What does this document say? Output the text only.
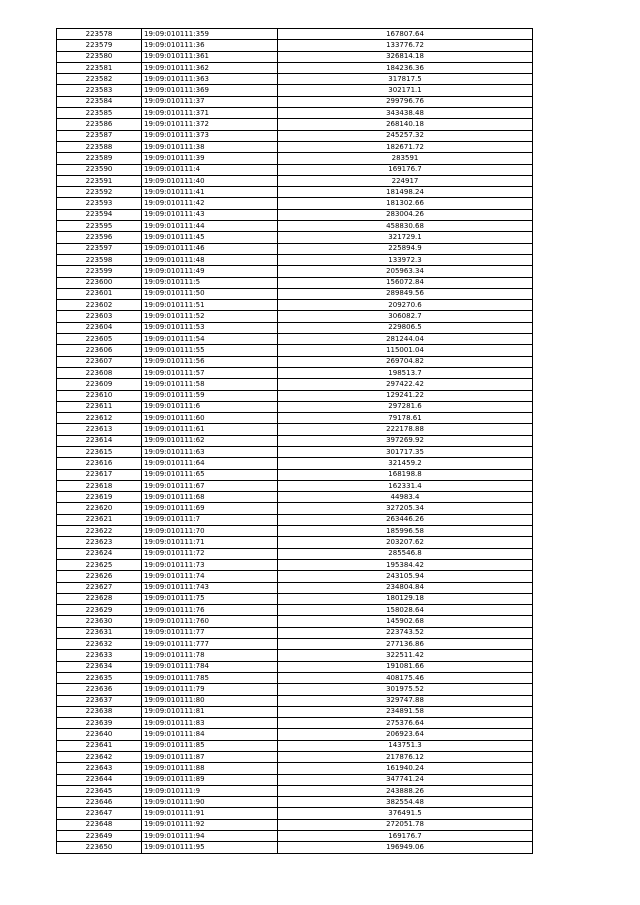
223578	19:09:010111:359	167807.64
223579	19:09:010111:36	133776.72
223580	19:09:010111:361	326814.18
223581	19:09:010111:362	184236.36
223582	19:09:010111:363	317817.5
223583	19:09:010111:369	302171.1
223584	19:09:010111:37	299796.76
223585	19:09:010111:371	343438.48
223586	19:09:010111:372	268140.18
223587	19:09:010111:373	245257.32
223588	19:09:010111:38	182671.72
223589	19:09:010111:39	283591
223590	19:09:010111:4	169176.7
223591	19:09:010111:40	224917
223592	19:09:010111:41	181498.24
223593	19:09:010111:42	181302.66
223594	19:09:010111:43	283004.26
223595	19:09:010111:44	458830.68
223596	19:09:010111:45	321729.1
223597	19:09:010111:46	225894.9
223598	19:09:010111:48	133972.3
223599	19:09:010111:49	205963.34
223600	19:09:010111:5	156072.84
223601	19:09:010111:50	289849.56
223602	19:09:010111:51	209270.6
223603	19:09:010111:52	306082.7
223604	19:09:010111:53	229806.5
223605	19:09:010111:54	281244.04
223606	19:09:010111:55	115001.04
223607	19:09:010111:56	269704.82
223608	19:09:010111:57	198513.7
223609	19:09:010111:58	297422.42
223610	19:09:010111:59	129241.22
223611	19:09:010111:6	297281.6
223612	19:09:010111:60	79178.61
223613	19:09:010111:61	222178.88
223614	19:09:010111:62	397269.92
223615	19:09:010111:63	301717.35
223616	19:09:010111:64	321459.2
223617	19:09:010111:65	168198.8
223618	19:09:010111:67	162331.4
223619	19:09:010111:68	44983.4
223620	19:09:010111:69	327205.34
223621	19:09:010111:7	263446.26
223622	19:09:010111:70	185996.58
223623	19:09:010111:71	203207.62
223624	19:09:010111:72	285546.8
223625	19:09:010111:73	195384.42
223626	19:09:010111:74	243105.94
223627	19:09:010111:743	234804.84
223628	19:09:010111:75	180129.18
223629	19:09:010111:76	158028.64
223630	19:09:010111:760	145902.68
223631	19:09:010111:77	223743.52
223632	19:09:010111:777	277136.86
223633	19:09:010111:78	322511.42
223634	19:09:010111:784	191081.66
223635	19:09:010111:785	408175.46
223636	19:09:010111:79	301975.52
223637	19:09:010111:80	329747.88
223638	19:09:010111:81	234891.58
223639	19:09:010111:83	275376.64
223640	19:09:010111:84	206923.64
223641	19:09:010111:85	143751.3
223642	19:09:010111:87	217876.12
223643	19:09:010111:88	161940.24
223644	19:09:010111:89	347741.24
223645	19:09:010111:9	243888.26
223646	19:09:010111:90	382554.48
223647	19:09:010111:91	376491.5
223648	19:09:010111:92	272051.78
223649	19:09:010111:94	169176.7
223650	19:09:010111:95	196949.06
